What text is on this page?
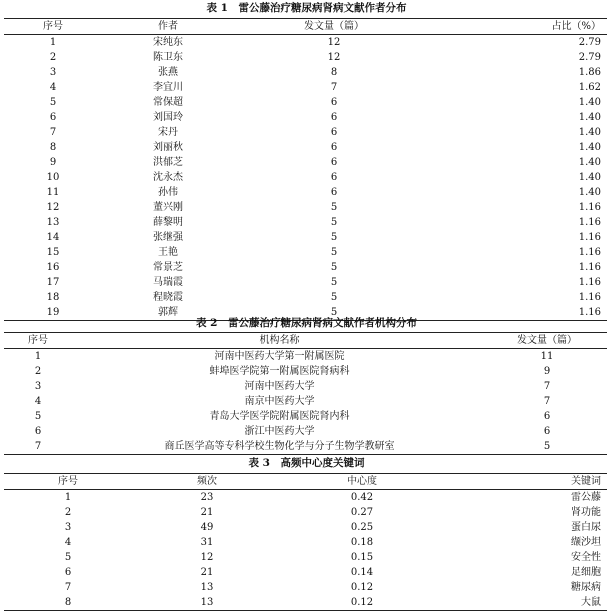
表 1　雷公藤治疗糖尿病肾病文献作者分布
序号	作者	发文量（篇）	占比（%）
1	宋纯东	12	2.79
2	陈卫东	12	2.79
3	张燕	8	1.86
4	李宜川	7	1.62
5	常保超	6	1.40
6	刘国玲	6	1.40
7	宋丹	6	1.40
8	刘丽秋	6	1.40
9	洪郁芝	6	1.40
10	沈永杰	6	1.40
11	孙伟	6	1.40
12	董兴刚	5	1.16
13	薛黎明	5	1.16
14	张继强	5	1.16
15	王艳	5	1.16
16	常景芝	5	1.16
17	马瑞霞	5	1.16
18	程晓霞	5	1.16
19	郭辉	5	1.16
表 2　雷公藤治疗糖尿病肾病文献作者机构分布
序号	机构名称	发文量（篇）
1	河南中医药大学第一附属医院	11
2	蚌埠医学院第一附属医院肾病科	9
3	河南中医药大学	7
4	南京中医药大学	7
5	青岛大学医学院附属医院肾内科	6
6	浙江中医药大学	6
7	商丘医学高等专科学校生物化学与分子生物学教研室	5
表 3　高频中心度关键词
序号	频次	中心度	关键词
1	23	0.42	雷公藤
2	21	0.27	肾功能
3	49	0.25	蛋白尿
4	31	0.18	缬沙坦
5	12	0.15	安全性
6	21	0.14	足细胞
7	13	0.12	糖尿病
8	13	0.12	大鼠
